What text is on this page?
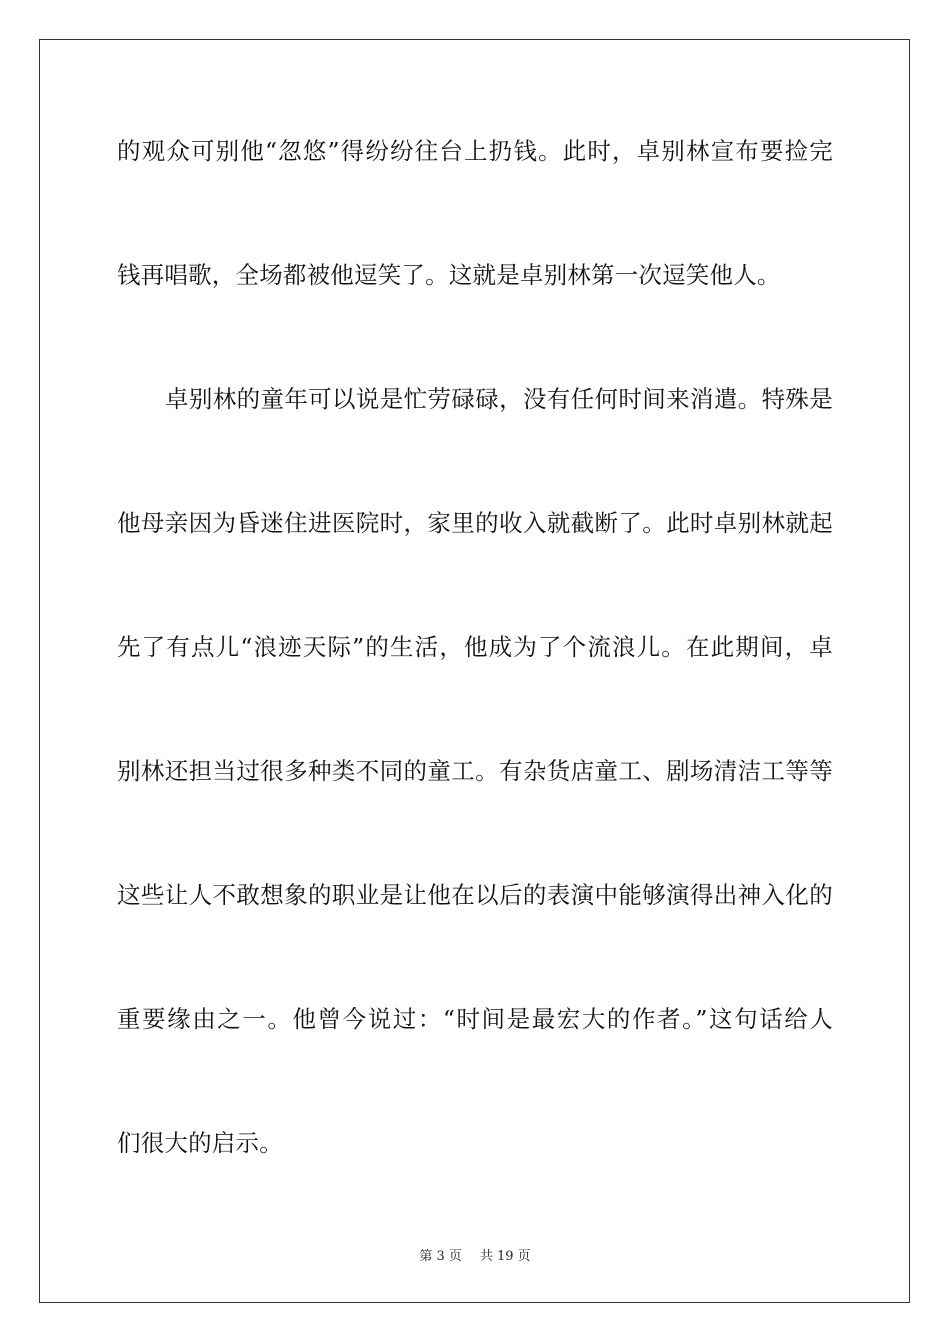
的观众可别他“忽悠”得纷纷往台上扔钱。此时，卓别林宣布要捡完
钱再唱歌，全场都被他逗笑了。这就是卓别林第一次逗笑他人。
卓别林的童年可以说是忙劳碌碌，没有任何时间来消遣。特殊是
他母亲因为昏迷住进医院时，家里的收入就截断了。此时卓别林就起
先了有点儿“浪迹天际”的生活，他成为了个流浪儿。在此期间，卓
别林还担当过很多种类不同的童工。有杂货店童工、剧场清洁工等等
这些让人不敢想象的职业是让他在以后的表演中能够演得出神入化的
重要缘由之一。他曾今说过：“时间是最宏大的作者。”这句话给人
们很大的启示。
第 3 页 共 19 页
